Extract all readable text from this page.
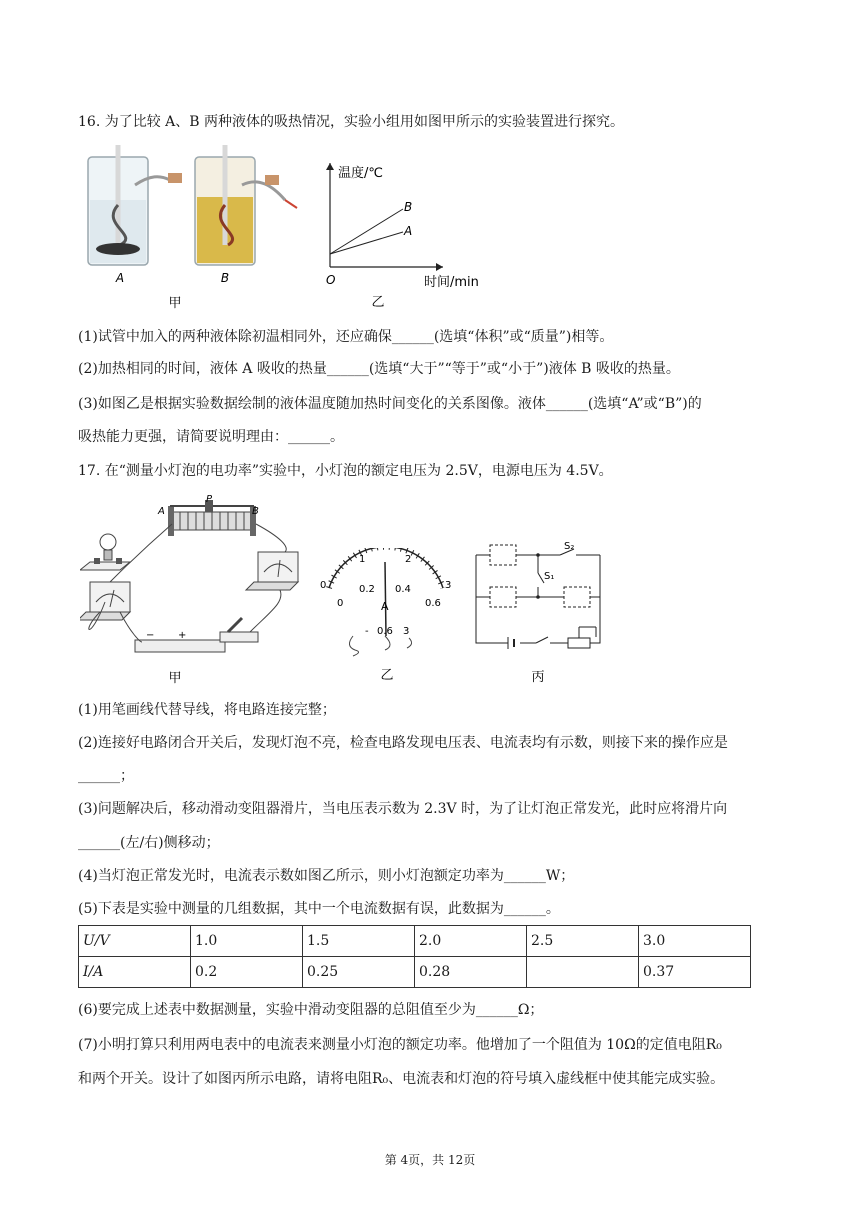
16. 为了比较 A、B 两种液体的吸热情况，实验小组用如图甲所示的实验装置进行探究。
A	B
甲
温度/℃
时间/min
O
B
A
乙
(1)试管中加入的两种液体除初温相同外，还应确保______(选填“体积”或“质量”)相等。
(2)加热相同的时间，液体 A 吸收的热量______(选填“大于”“等于”或“小于”)液体 B 吸收的热量。
(3)如图乙是根据实验数据绘制的液体温度随加热时间变化的关系图像。液体______(选填“A”或“B”)的
吸热能力更强，请简要说明理由：______。
17. 在“测量小灯泡的电功率”实验中，小灯泡的额定电压为 2.5V，电源电压为 4.5V。
A	B
P
− +
甲
0
1	2
3
0
0.2 0.4
0.6
A
- 0.6 3
乙
S₂
S₁
丙
(1)用笔画线代替导线，将电路连接完整；
(2)连接好电路闭合开关后，发现灯泡不亮，检查电路发现电压表、电流表均有示数，则接下来的操作应是
______；
(3)问题解决后，移动滑动变阻器滑片，当电压表示数为 2.3V 时，为了让灯泡正常发光，此时应将滑片向
______(左/右)侧移动；
(4)当灯泡正常发光时，电流表示数如图乙所示，则小灯泡额定功率为______W；
(5)下表是实验中测量的几组数据，其中一个电流数据有误，此数据为______。
U/V	1.0	1.5	2.0	2.5	3.0
I/A	0.2	0.25	0.28		0.37
(6)要完成上述表中数据测量，实验中滑动变阻器的总阻值至少为______Ω；
(7)小明打算只利用两电表中的电流表来测量小灯泡的额定功率。他增加了一个阻值为 10Ω的定值电阻R₀
和两个开关。设计了如图丙所示电路，请将电阻R₀、电流表和灯泡的符号填入虚线框中使其能完成实验。
第 4页，共 12页
